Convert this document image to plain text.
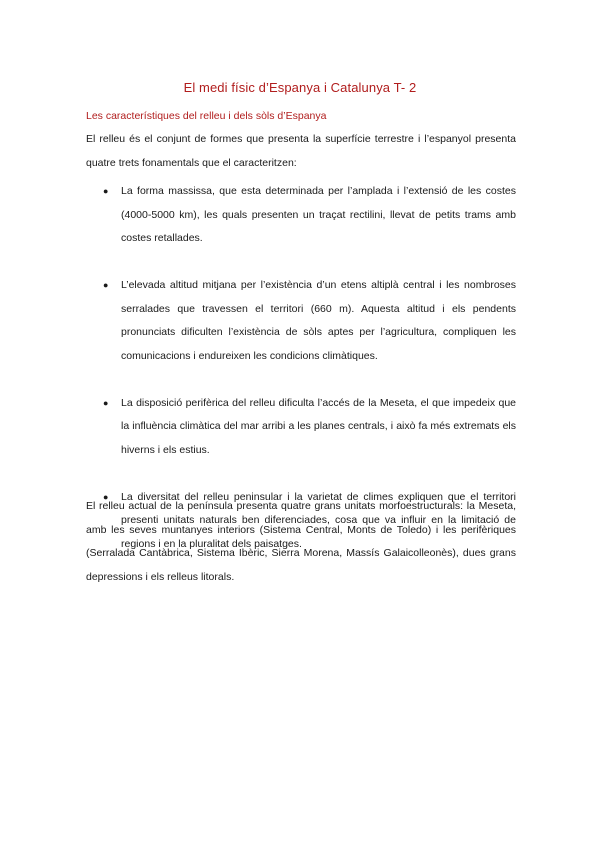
El medi físic d’Espanya i Catalunya T- 2
Les característiques del relleu i dels sòls d’Espanya

El relleu és el conjunt de formes que presenta la superfície terrestre i l’espanyol presenta quatre trets fonamentals que el caracteritzen:

● La forma massissa, que esta determinada per l’amplada i l’extensió de les costes (4000-5000 km), les quals presenten un traçat rectilini, llevat de petits trams amb costes retallades.
● L’elevada altitud mitjana per l’existència d’un etens altiplà central i les nombroses serralades que travessen el territori (660 m). Aquesta altitud i els pendents pronunciats dificulten l’existència de sòls aptes per l’agricultura, compliquen les comunicacions i endureixen les condicions climàtiques.
● La disposició perifèrica del relleu dificulta l’accés de la Meseta, el que impedeix que la influència climàtica del mar arribi a les planes centrals, i això fa més extremats els hiverns i els estius.
● La diversitat del relleu peninsular i la varietat de climes expliquen que el territori presenti unitats naturals ben diferenciades, cosa que va influir en la limitació de regions i en la pluralitat dels paisatges.

El relleu actual de la península presenta quatre grans unitats morfoestructurals: la Meseta, amb les seves muntanyes interiors (Sistema Central, Monts de Toledo) i les perifèriques (Serralada Cantàbrica, Sistema Ibèric, Sierra Morena, Massís Galaicolleonès), dues grans depressions i els relleus litorals.
